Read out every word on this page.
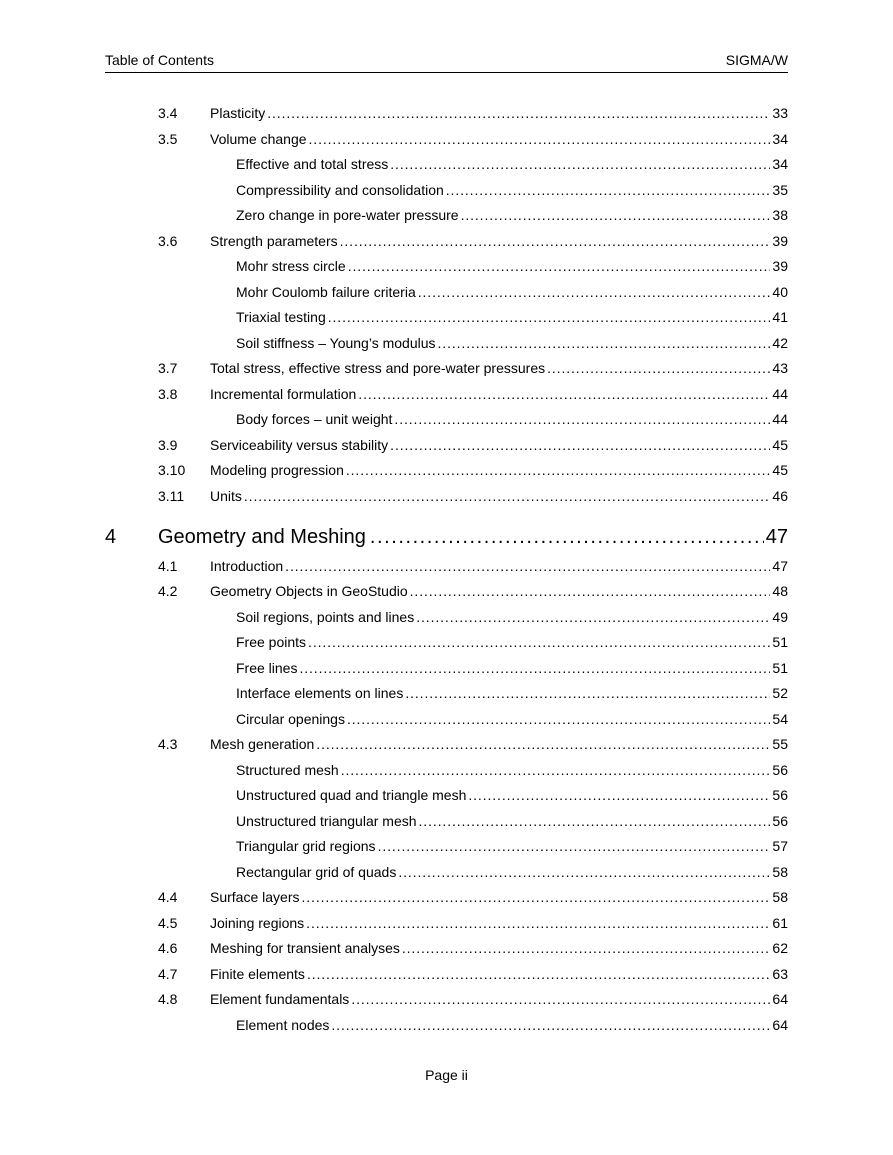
Table of Contents	SIGMA/W
3.4 Plasticity . . .	33
3.5 Volume change . . .	34
Effective and total stress . . .	34
Compressibility and consolidation . . .	35
Zero change in pore-water pressure . . .	38
3.6 Strength parameters . . .	39
Mohr stress circle . . .	39
Mohr Coulomb failure criteria . . .	40
Triaxial testing . . .	41
Soil stiffness – Young’s modulus . . .	42
3.7 Total stress, effective stress and pore-water pressures . . .	43
3.8 Incremental formulation . . .	44
Body forces – unit weight . . .	44
3.9 Serviceability versus stability . . .	45
3.10 Modeling progression . . .	45
3.11 Units . . .	46
4 Geometry and Meshing . . .	47
4.1 Introduction . . .	47
4.2 Geometry Objects in GeoStudio . . .	48
Soil regions, points and lines . . .	49
Free points . . .	51
Free lines . . .	51
Interface elements on lines . . .	52
Circular openings . . .	54
4.3 Mesh generation . . .	55
Structured mesh . . .	56
Unstructured quad and triangle mesh . . .	56
Unstructured triangular mesh . . .	56
Triangular grid regions . . .	57
Rectangular grid of quads . . .	58
4.4 Surface layers . . .	58
4.5 Joining regions . . .	61
4.6 Meshing for transient analyses . . .	62
4.7 Finite elements . . .	63
4.8 Element fundamentals . . .	64
Element nodes . . .	64
Page ii
